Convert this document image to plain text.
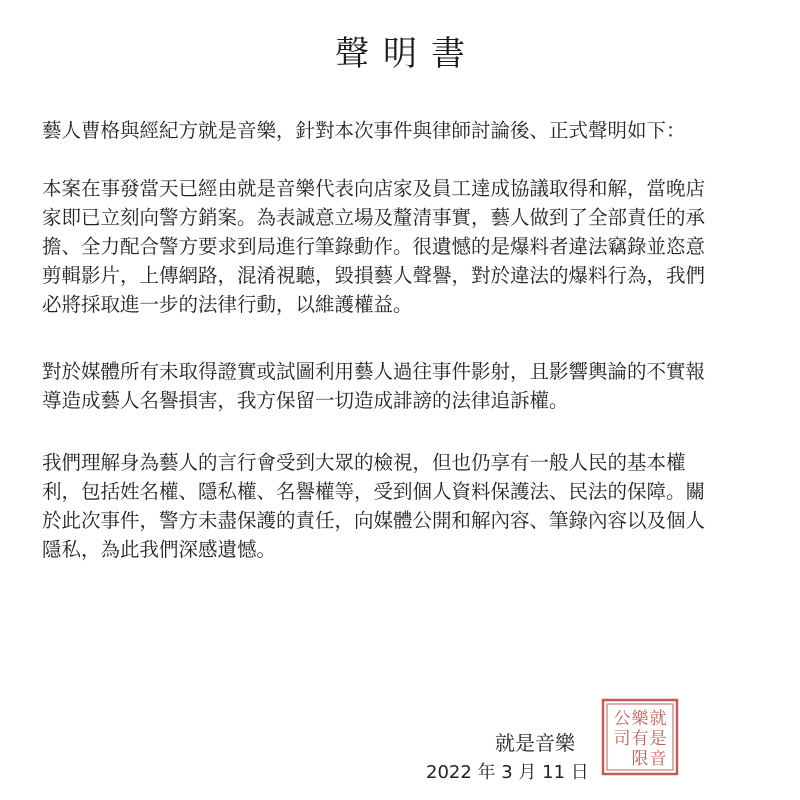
聲明書
藝人曹格與經紀方就是音樂，針對本次事件與律師討論後、正式聲明如下：
本案在事發當天已經由就是音樂代表向店家及員工達成協議取得和解，當晚店
家即已立刻向警方銷案。為表誠意立場及釐清事實，藝人做到了全部責任的承
擔、全力配合警方要求到局進行筆錄動作。很遺憾的是爆料者違法竊錄並恣意
剪輯影片，上傳網路，混淆視聽，毀損藝人聲譽，對於違法的爆料行為，我們
必將採取進一步的法律行動，以維護權益。
對於媒體所有未取得證實或試圖利用藝人過往事件影射，且影響輿論的不實報
導造成藝人名譽損害，我方保留一切造成誹謗的法律追訴權。
我們理解身為藝人的言行會受到大眾的檢視，但也仍享有一般人民的基本權
利，包括姓名權、隱私權、名譽權等，受到個人資料保護法、民法的保障。關
於此次事件，警方未盡保護的責任，向媒體公開和解內容、筆錄內容以及個人
隱私，為此我們深感遺憾。
就是音樂
2022 年 3 月 11 日
就
是
音
樂
有
限
公
司
